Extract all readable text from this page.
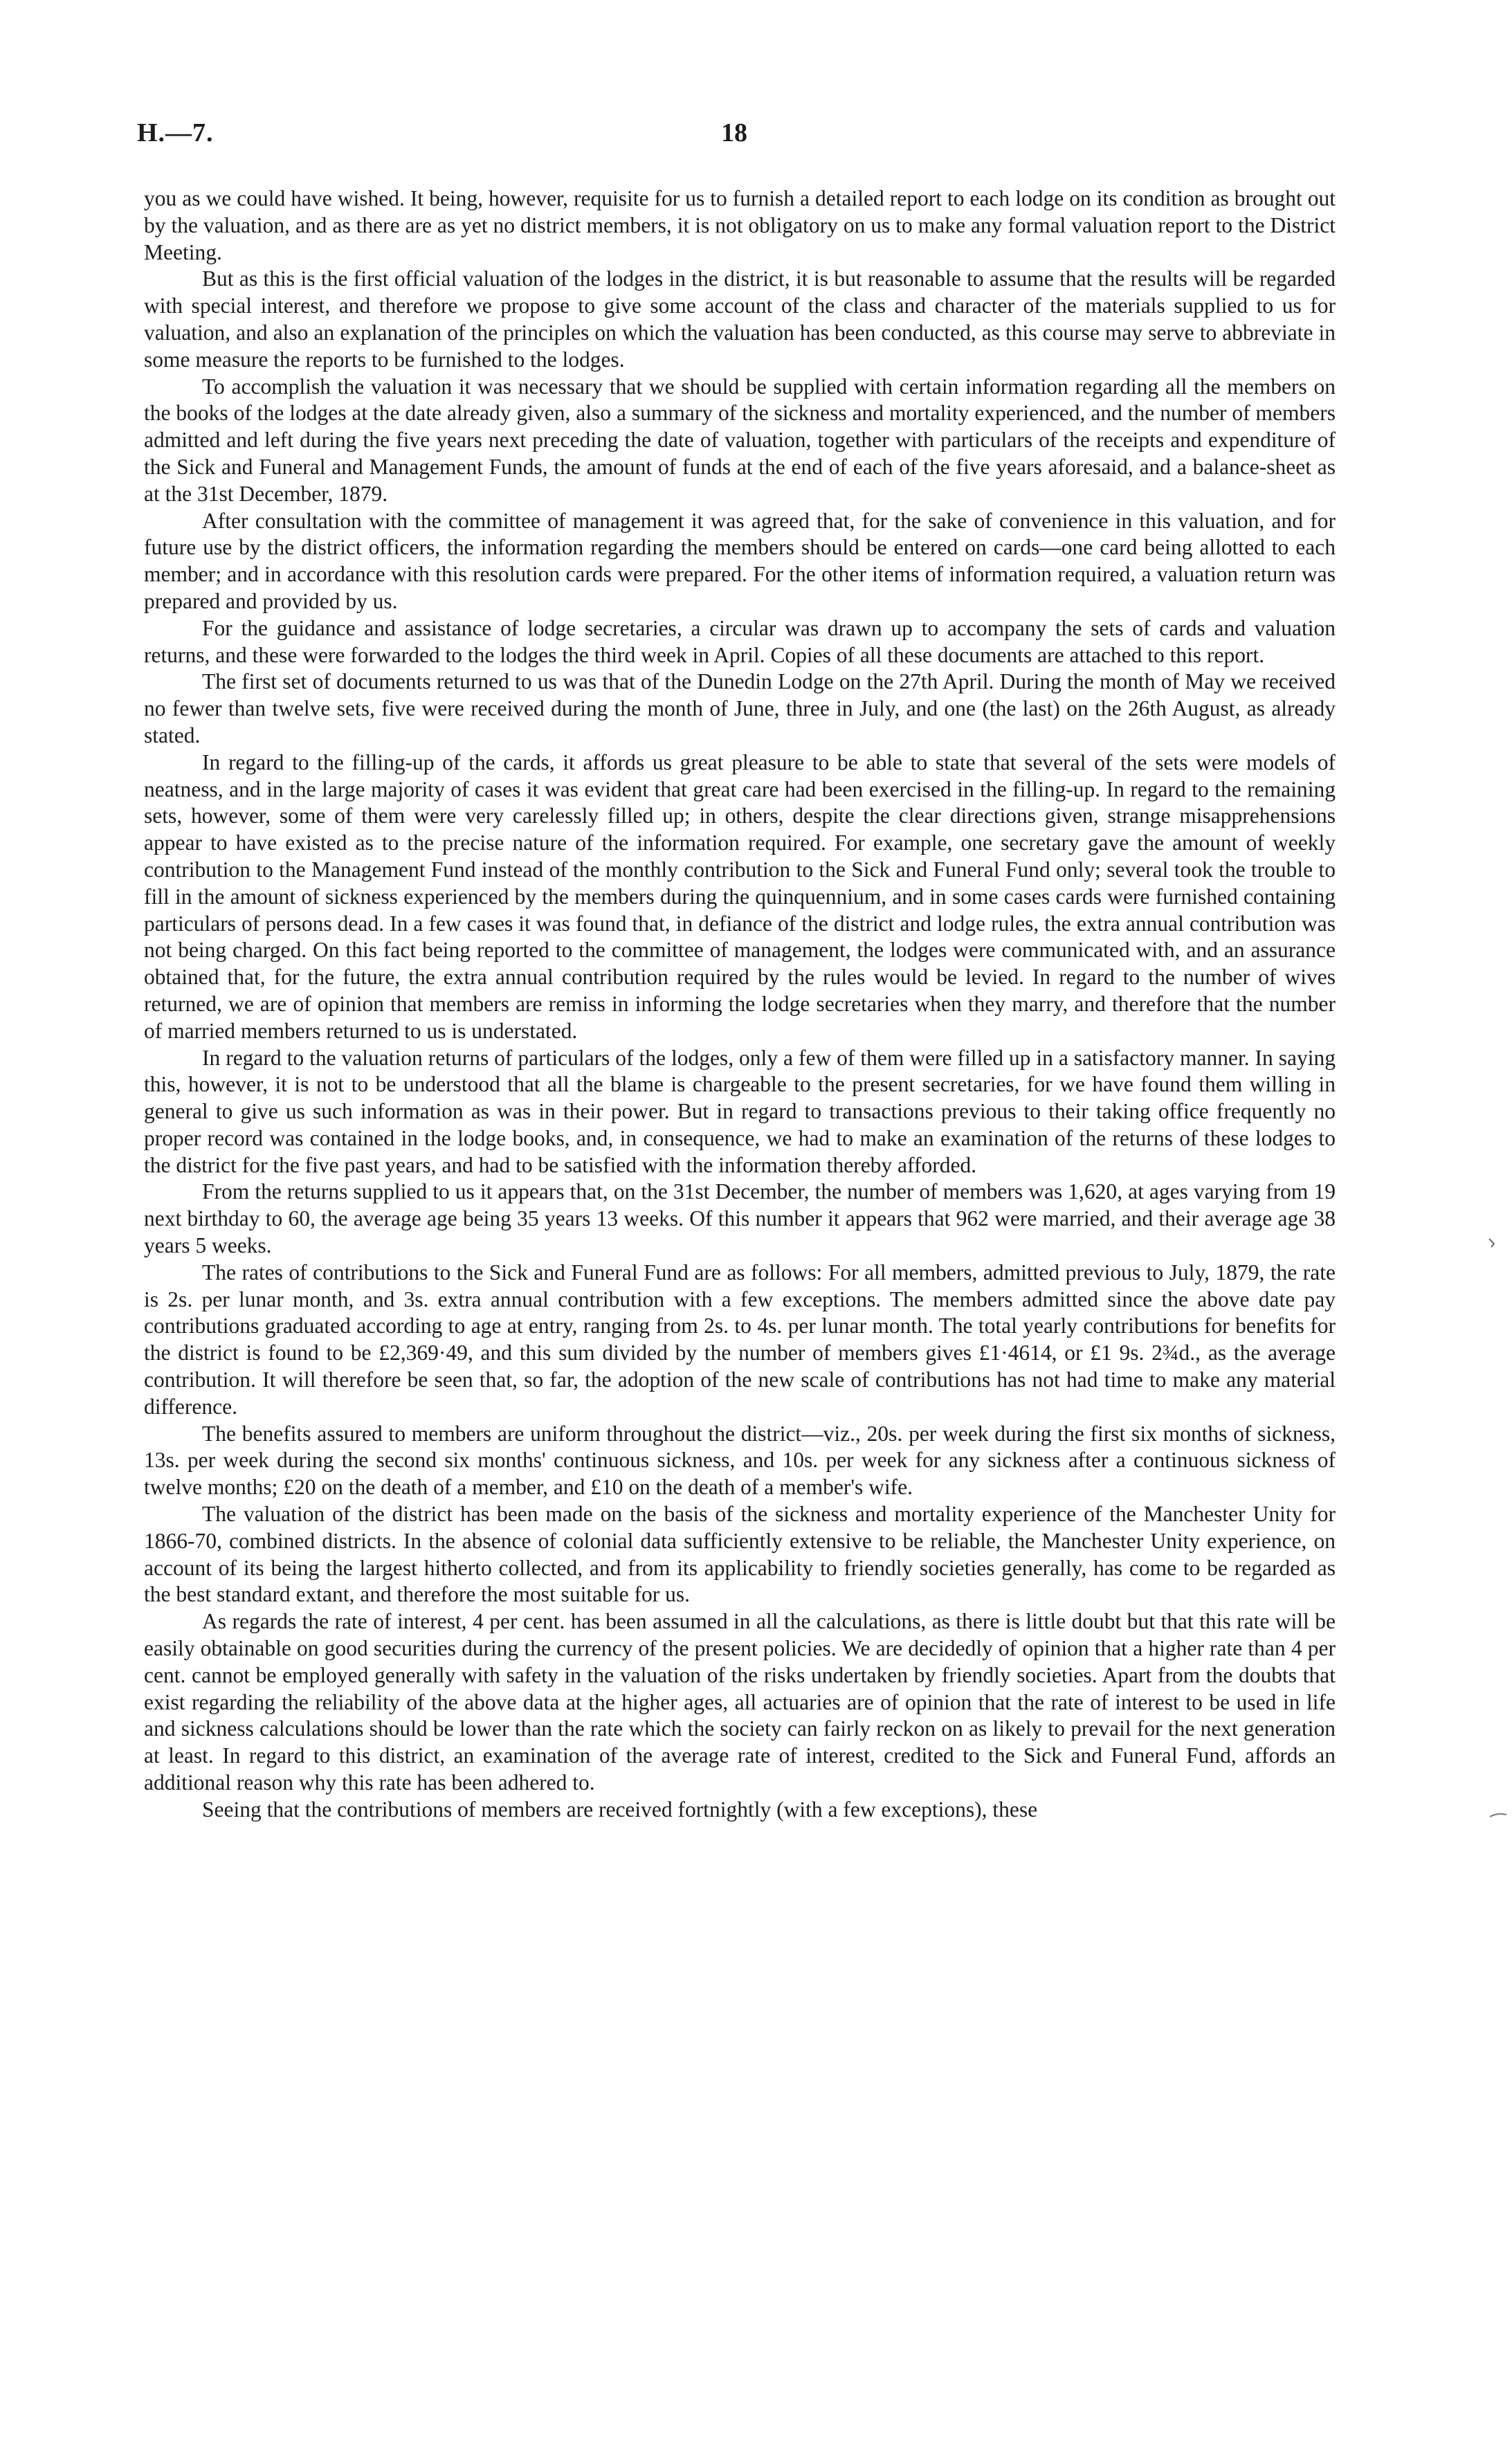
H.—7.	18

you as we could have wished. It being, however, requisite for us to furnish a detailed report to each lodge on its condition as brought out by the valuation, and as there are as yet no district members, it is not obligatory on us to make any formal valuation report to the District Meeting.

But as this is the first official valuation of the lodges in the district, it is but reasonable to assume that the results will be regarded with special interest, and therefore we propose to give some account of the class and character of the materials supplied to us for valuation, and also an explanation of the principles on which the valuation has been conducted, as this course may serve to abbreviate in some measure the reports to be furnished to the lodges.

To accomplish the valuation it was necessary that we should be supplied with certain information regarding all the members on the books of the lodges at the date already given, also a summary of the sickness and mortality experienced, and the number of members admitted and left during the five years next preceding the date of valuation, together with particulars of the receipts and expenditure of the Sick and Funeral and Management Funds, the amount of funds at the end of each of the five years aforesaid, and a balance-sheet as at the 31st December, 1879.

After consultation with the committee of management it was agreed that, for the sake of convenience in this valuation, and for future use by the district officers, the information regarding the members should be entered on cards—one card being allotted to each member; and in accordance with this resolution cards were prepared. For the other items of information required, a valuation return was prepared and provided by us.

For the guidance and assistance of lodge secretaries, a circular was drawn up to accompany the sets of cards and valuation returns, and these were forwarded to the lodges the third week in April. Copies of all these documents are attached to this report.

The first set of documents returned to us was that of the Dunedin Lodge on the 27th April. During the month of May we received no fewer than twelve sets, five were received during the month of June, three in July, and one (the last) on the 26th August, as already stated.

In regard to the filling-up of the cards, it affords us great pleasure to be able to state that several of the sets were models of neatness, and in the large majority of cases it was evident that great care had been exercised in the filling-up. In regard to the remaining sets, however, some of them were very carelessly filled up; in others, despite the clear directions given, strange misapprehensions appear to have existed as to the precise nature of the information required. For example, one secretary gave the amount of weekly contribution to the Management Fund instead of the monthly contribution to the Sick and Funeral Fund only; several took the trouble to fill in the amount of sickness experienced by the members during the quinquennium, and in some cases cards were furnished containing particulars of persons dead. In a few cases it was found that, in defiance of the district and lodge rules, the extra annual contribution was not being charged. On this fact being reported to the committee of management, the lodges were communicated with, and an assurance obtained that, for the future, the extra annual contribution required by the rules would be levied. In regard to the number of wives returned, we are of opinion that members are remiss in informing the lodge secretaries when they marry, and therefore that the number of married members returned to us is understated.

In regard to the valuation returns of particulars of the lodges, only a few of them were filled up in a satisfactory manner. In saying this, however, it is not to be understood that all the blame is chargeable to the present secretaries, for we have found them willing in general to give us such information as was in their power. But in regard to transactions previous to their taking office frequently no proper record was contained in the lodge books, and, in consequence, we had to make an examination of the returns of these lodges to the district for the five past years, and had to be satisfied with the information thereby afforded.

From the returns supplied to us it appears that, on the 31st December, the number of members was 1,620, at ages varying from 19 next birthday to 60, the average age being 35 years 13 weeks. Of this number it appears that 962 were married, and their average age 38 years 5 weeks.

The rates of contributions to the Sick and Funeral Fund are as follows: For all members, admitted previous to July, 1879, the rate is 2s. per lunar month, and 3s. extra annual contribution with a few exceptions. The members admitted since the above date pay contributions graduated according to age at entry, ranging from 2s. to 4s. per lunar month. The total yearly contributions for benefits for the district is found to be £2,369·49, and this sum divided by the number of members gives £1·4614, or £1 9s. 2¾d., as the average contribution. It will therefore be seen that, so far, the adoption of the new scale of contributions has not had time to make any material difference.

The benefits assured to members are uniform throughout the district—viz., 20s. per week during the first six months of sickness, 13s. per week during the second six months' continuous sickness, and 10s. per week for any sickness after a continuous sickness of twelve months; £20 on the death of a member, and £10 on the death of a member's wife.

The valuation of the district has been made on the basis of the sickness and mortality experience of the Manchester Unity for 1866-70, combined districts. In the absence of colonial data sufficiently extensive to be reliable, the Manchester Unity experience, on account of its being the largest hitherto collected, and from its applicability to friendly societies generally, has come to be regarded as the best standard extant, and therefore the most suitable for us.

As regards the rate of interest, 4 per cent. has been assumed in all the calculations, as there is little doubt but that this rate will be easily obtainable on good securities during the currency of the present policies. We are decidedly of opinion that a higher rate than 4 per cent. cannot be employed generally with safety in the valuation of the risks undertaken by friendly societies. Apart from the doubts that exist regarding the reliability of the above data at the higher ages, all actuaries are of opinion that the rate of interest to be used in life and sickness calculations should be lower than the rate which the society can fairly reckon on as likely to prevail for the next generation at least. In regard to this district, an examination of the average rate of interest, credited to the Sick and Funeral Fund, affords an additional reason why this rate has been adhered to.

Seeing that the contributions of members are received fortnightly (with a few exceptions), these
